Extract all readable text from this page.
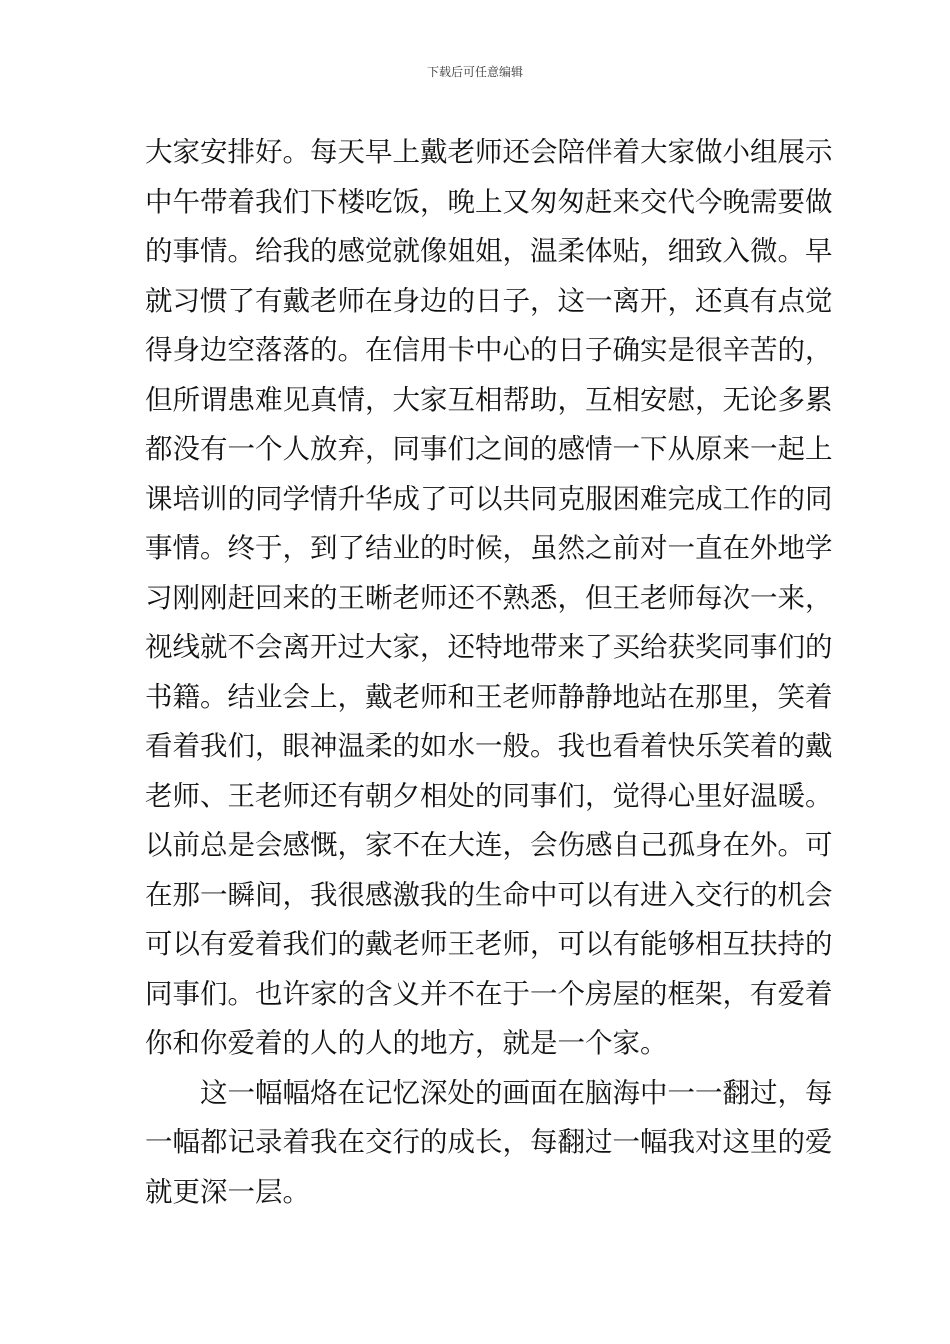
下载后可任意编辑
大家安排好。每天早上戴老师还会陪伴着大家做小组展示
中午带着我们下楼吃饭，晚上又匆匆赶来交代今晚需要做
的事情。给我的感觉就像姐姐，温柔体贴，细致入微。早
就习惯了有戴老师在身边的日子，这一离开，还真有点觉
得身边空落落的。在信用卡中心的日子确实是很辛苦的，
但所谓患难见真情，大家互相帮助，互相安慰，无论多累
都没有一个人放弃，同事们之间的感情一下从原来一起上
课培训的同学情升华成了可以共同克服困难完成工作的同
事情。终于，到了结业的时候，虽然之前对一直在外地学
习刚刚赶回来的王晰老师还不熟悉，但王老师每次一来，
视线就不会离开过大家，还特地带来了买给获奖同事们的
书籍。结业会上，戴老师和王老师静静地站在那里，笑着
看着我们，眼神温柔的如水一般。我也看着快乐笑着的戴
老师、王老师还有朝夕相处的同事们，觉得心里好温暖。
以前总是会感慨，家不在大连，会伤感自己孤身在外。可
在那一瞬间，我很感激我的生命中可以有进入交行的机会
可以有爱着我们的戴老师王老师，可以有能够相互扶持的
同事们。也许家的含义并不在于一个房屋的框架，有爱着
你和你爱着的人的人的地方，就是一个家。
这一幅幅烙在记忆深处的画面在脑海中一一翻过，每
一幅都记录着我在交行的成长，每翻过一幅我对这里的爱
就更深一层。
